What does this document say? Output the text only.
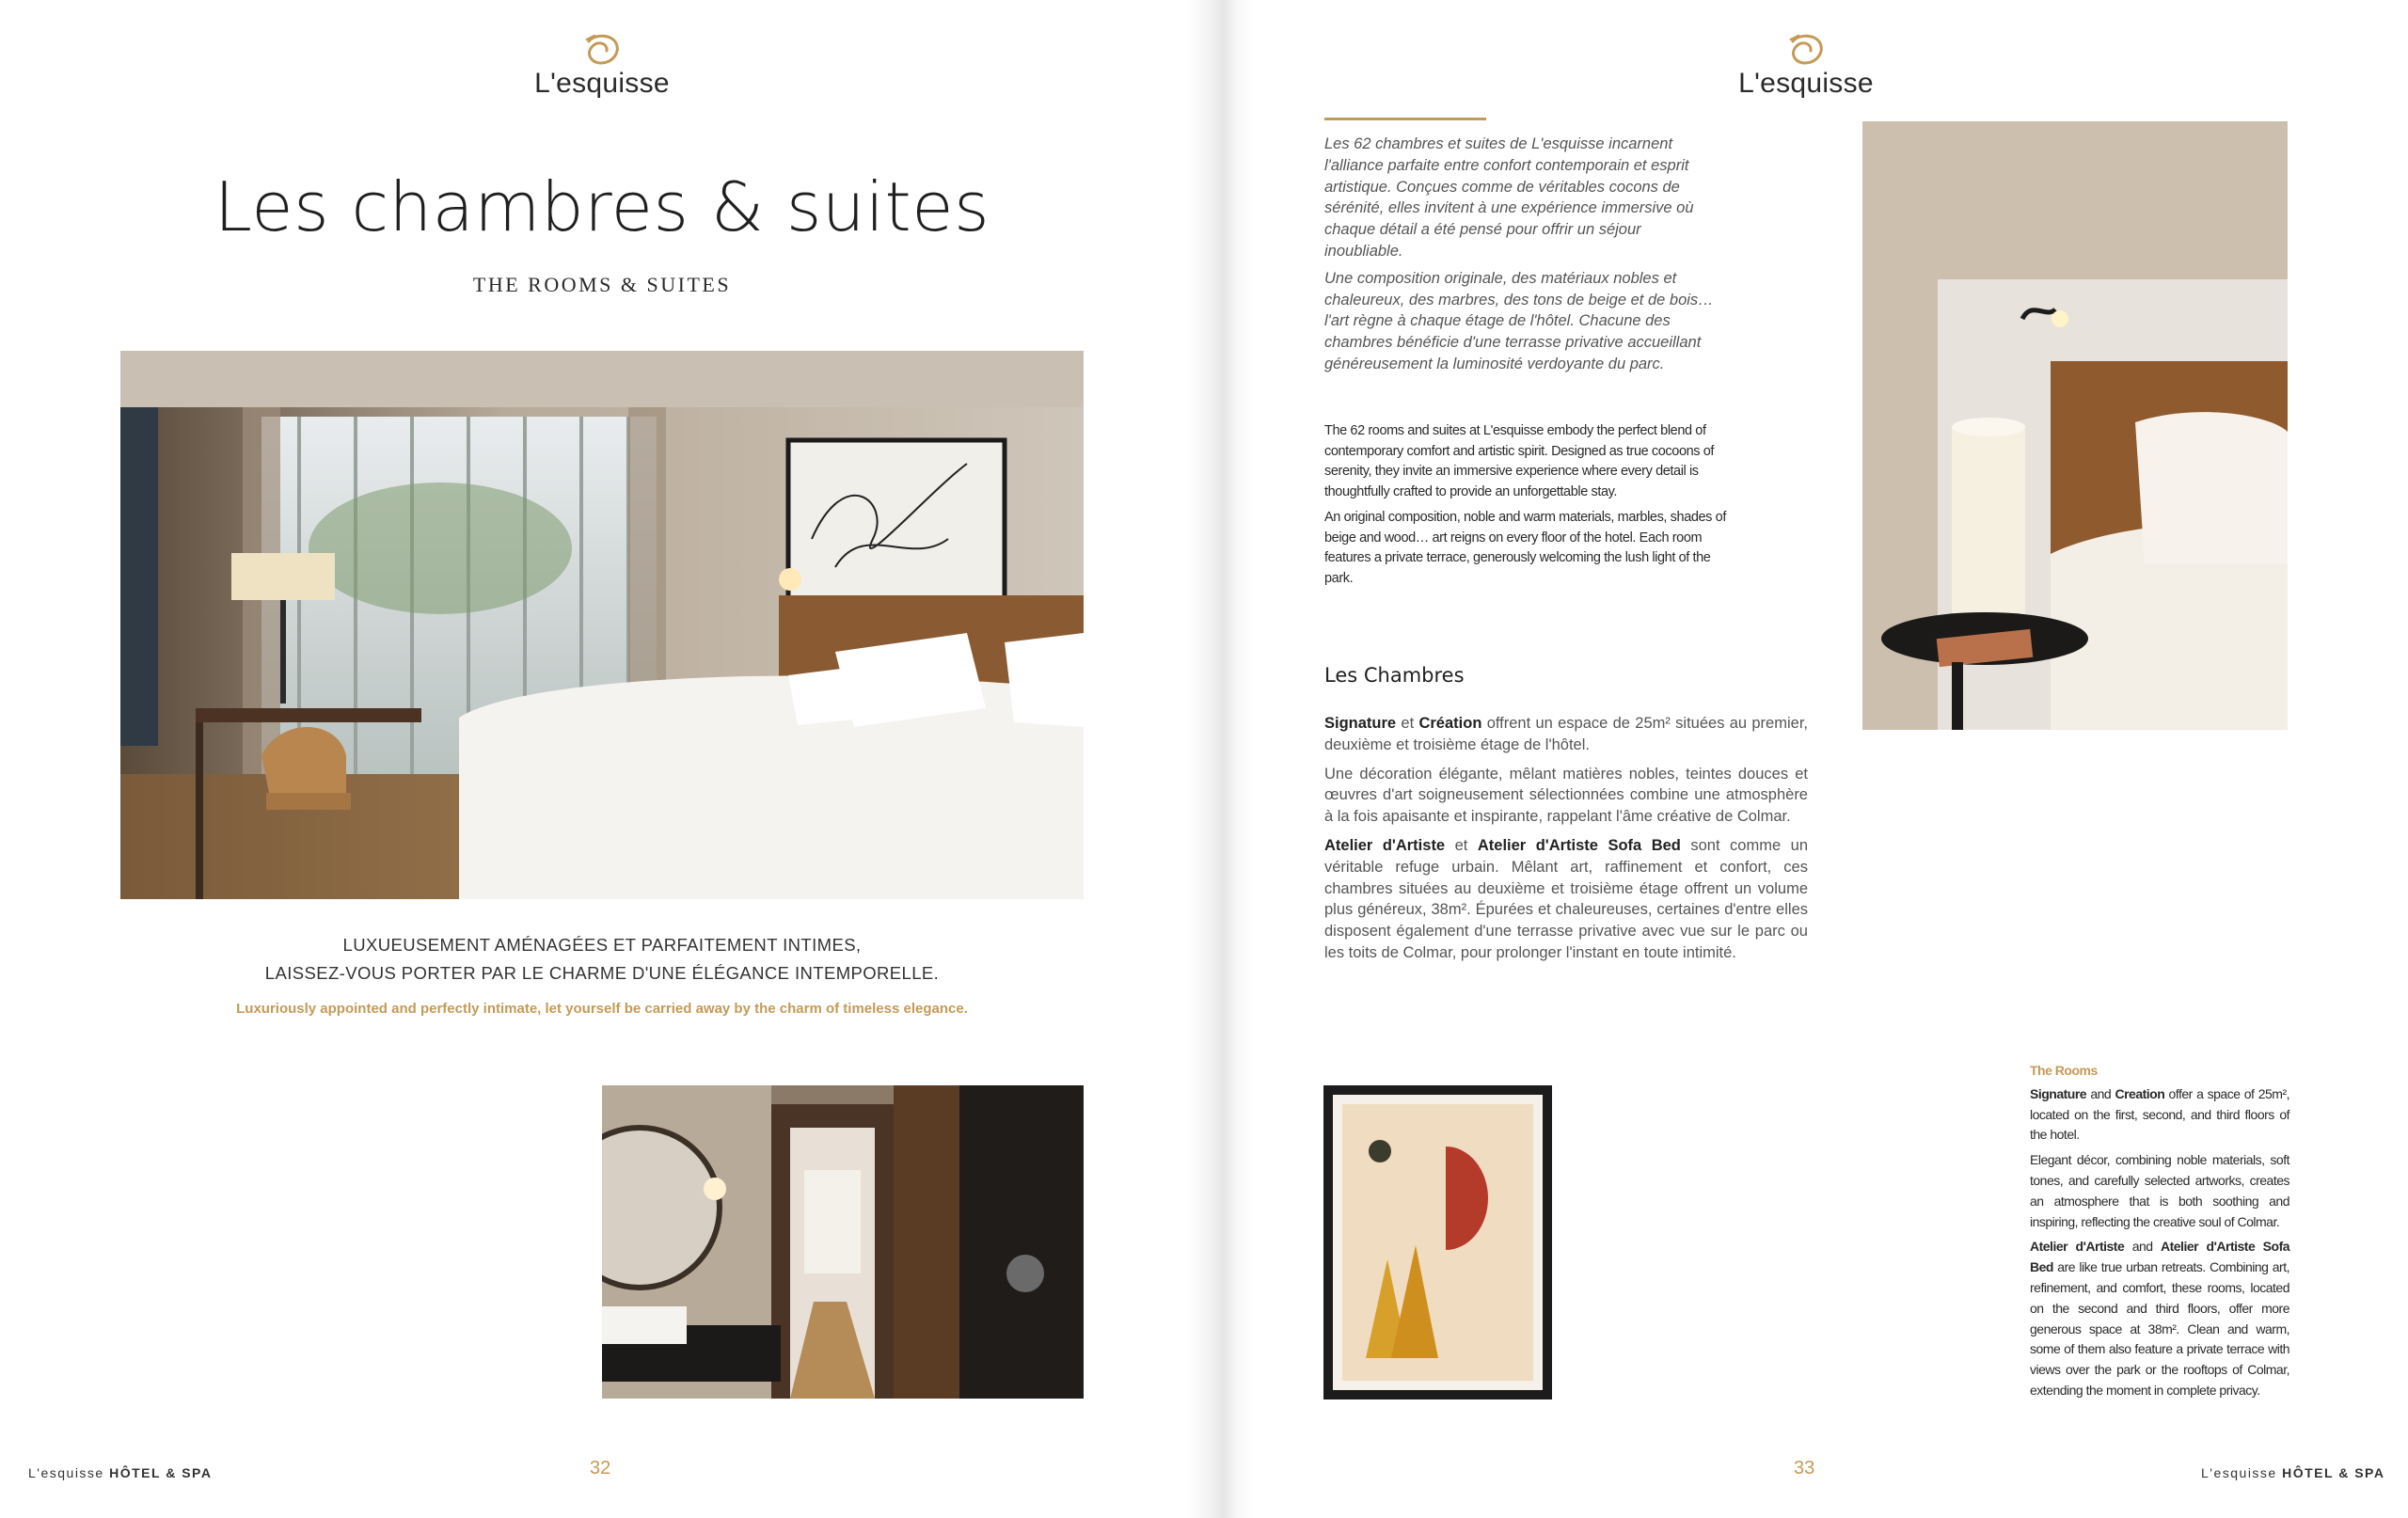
L'esquisse
Les chambres & suites
THE ROOMS & SUITES
LUXUEUSEMENT AMÉNAGÉES ET PARFAITEMENT INTIMES,
LAISSEZ-VOUS PORTER PAR LE CHARME D'UNE ÉLÉGANCE INTEMPORELLE.
Luxuriously appointed and perfectly intimate, let yourself be carried away by the charm of timeless elegance.
L'esquisse HÔTEL & SPA	32
L'esquisse

Les 62 chambres et suites de L'esquisse incarnent l'alliance parfaite entre confort contemporain et esprit artistique. Conçues comme de véritables cocons de sérénité, elles invitent à une expérience immersive où chaque détail a été pensé pour offrir un séjour inoubliable.

Une composition originale, des matériaux nobles et chaleureux, des marbres, des tons de beige et de bois… l'art règne à chaque étage de l'hôtel. Chacune des chambres bénéficie d'une terrasse privative accueillant généreusement la luminosité verdoyante du parc.

The 62 rooms and suites at L'esquisse embody the perfect blend of contemporary comfort and artistic spirit. Designed as true cocoons of serenity, they invite an immersive experience where every detail is thoughtfully crafted to provide an unforgettable stay.

An original composition, noble and warm materials, marbles, shades of beige and wood… art reigns on every floor of the hotel. Each room features a private terrace, generously welcoming the lush light of the park.

Les Chambres

Signature et Création offrent un espace de 25m² situées au premier, deuxième et troisième étage de l'hôtel.

Une décoration élégante, mêlant matières nobles, teintes douces et œuvres d'art soigneusement sélectionnées combine une atmosphère à la fois apaisante et inspirante, rappelant l'âme créative de Colmar.

Atelier d'Artiste et Atelier d'Artiste Sofa Bed sont comme un véritable refuge urbain. Mêlant art, raffinement et confort, ces chambres situées au deuxième et troisième étage offrent un volume plus généreux, 38m². Épurées et chaleureuses, certaines d'entre elles disposent également d'une terrasse privative avec vue sur le parc ou les toits de Colmar, pour prolonger l'instant en toute intimité.

The Rooms

Signature and Creation offer a space of 25m², located on the first, second, and third floors of the hotel.

Elegant décor, combining noble materials, soft tones, and carefully selected artworks, creates an atmosphere that is both soothing and inspiring, reflecting the creative soul of Colmar.

Atelier d'Artiste and Atelier d'Artiste Sofa Bed are like true urban retreats. Combining art, refinement, and comfort, these rooms, located on the second and third floors, offer more generous space at 38m². Clean and warm, some of them also feature a private terrace with views over the park or the rooftops of Colmar, extending the moment in complete privacy.

33	L'esquisse HÔTEL & SPA
